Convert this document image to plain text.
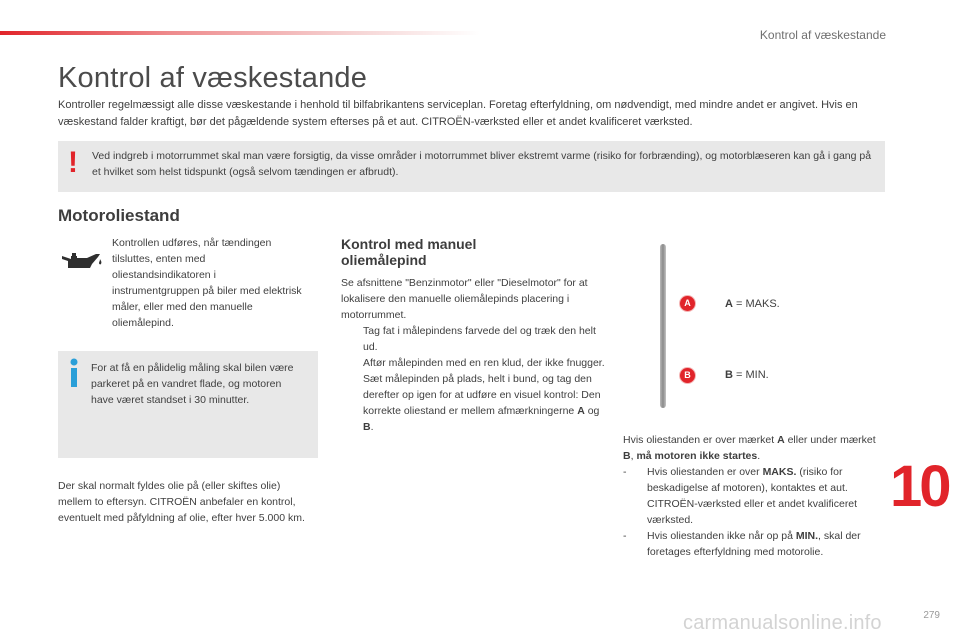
Kontrol af væskestande
Kontrol af væskestande

Kontroller regelmæssigt alle disse væskestande i henhold til bilfabrikantens serviceplan. Foretag efterfyldning, om nødvendigt, med mindre andet er angivet. Hvis en væskestand falder kraftigt, bør det pågældende system efterses på et aut. CITROËN-værksted eller et andet kvalificeret værksted.

! Ved indgreb i motorrummet skal man være forsigtig, da visse områder i motorrummet bliver ekstremt varme (risiko for forbrænding), og motorblæseren kan gå i gang på et hvilket som helst tidspunkt (også selvom tændingen er afbrudt).

Motoroliestand

Kontrollen udføres, når tændingen tilsluttes, enten med oliestandsindikatoren i instrumentgruppen på biler med elektrisk måler, eller med den manuelle oliemålepind.

For at få en pålidelig måling skal bilen være parkeret på en vandret flade, og motoren have været standset i 30 minutter.

Der skal normalt fyldes olie på (eller skiftes olie) mellem to eftersyn. CITROËN anbefaler en kontrol, eventuelt med påfyldning af olie, efter hver 5.000 km.

Kontrol med manuel oliemålepind

Se afsnittene "Benzinmotor" eller "Dieselmotor" for at lokalisere den manuelle oliemålepinds placering i motorrummet.

Tag fat i målepindens farvede del og træk den helt ud.

Aftør målepinden med en ren klud, der ikke fnugger.

Sæt målepinden på plads, helt i bund, og tag den derefter op igen for at udføre en visuel kontrol: Den korrekte oliestand er mellem afmærkningerne A og B.

A
B
A = MAKS.
B = MIN.

Hvis oliestanden er over mærket A eller under mærket B, må motoren ikke startes.

- Hvis oliestanden er over MAKS. (risiko for beskadigelse af motoren), kontaktes et aut. CITROËN-værksted eller et andet kvalificeret værksted.

- Hvis oliestanden ikke når op på MIN., skal der foretages efterfyldning med motorolie.

10
279
carmanualsonline.info
